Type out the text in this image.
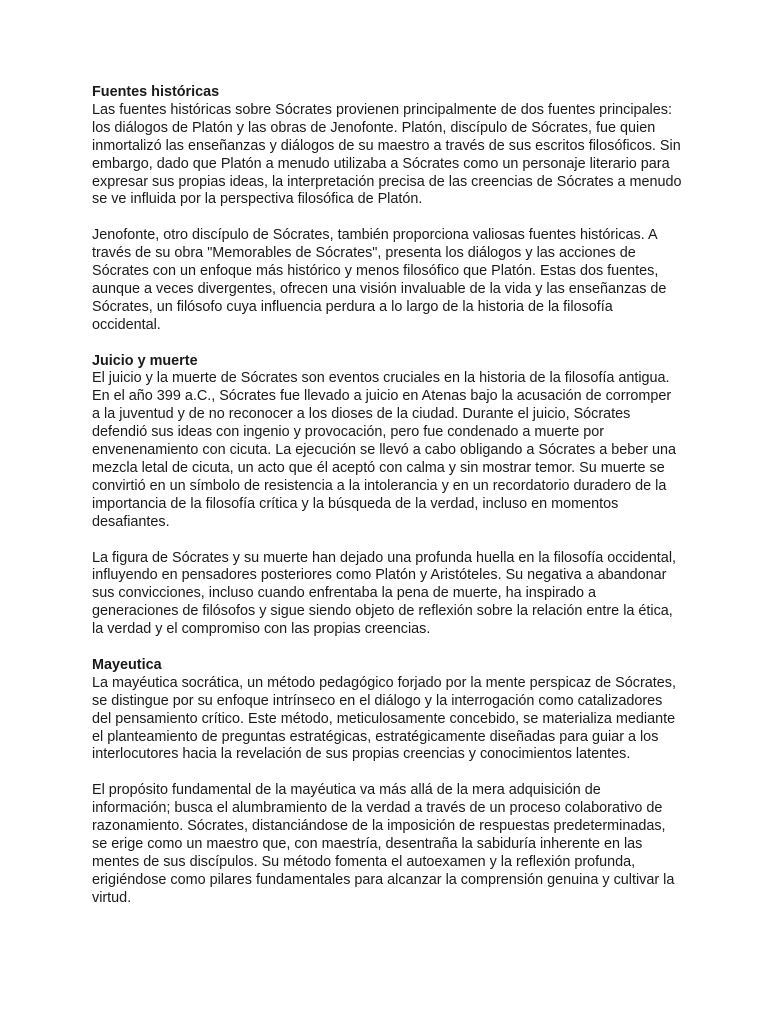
Fuentes históricas

Las fuentes históricas sobre Sócrates provienen principalmente de dos fuentes principales: los diálogos de Platón y las obras de Jenofonte. Platón, discípulo de Sócrates, fue quien inmortalizó las enseñanzas y diálogos de su maestro a través de sus escritos filosóficos. Sin embargo, dado que Platón a menudo utilizaba a Sócrates como un personaje literario para expresar sus propias ideas, la interpretación precisa de las creencias de Sócrates a menudo se ve influida por la perspectiva filosófica de Platón.

Jenofonte, otro discípulo de Sócrates, también proporciona valiosas fuentes históricas. A través de su obra "Memorables de Sócrates", presenta los diálogos y las acciones de Sócrates con un enfoque más histórico y menos filosófico que Platón. Estas dos fuentes, aunque a veces divergentes, ofrecen una visión invaluable de la vida y las enseñanzas de Sócrates, un filósofo cuya influencia perdura a lo largo de la historia de la filosofía occidental.

Juicio y muerte

El juicio y la muerte de Sócrates son eventos cruciales en la historia de la filosofía antigua. En el año 399 a.C., Sócrates fue llevado a juicio en Atenas bajo la acusación de corromper a la juventud y de no reconocer a los dioses de la ciudad. Durante el juicio, Sócrates defendió sus ideas con ingenio y provocación, pero fue condenado a muerte por envenenamiento con cicuta. La ejecución se llevó a cabo obligando a Sócrates a beber una mezcla letal de cicuta, un acto que él aceptó con calma y sin mostrar temor. Su muerte se convirtió en un símbolo de resistencia a la intolerancia y en un recordatorio duradero de la importancia de la filosofía crítica y la búsqueda de la verdad, incluso en momentos desafiantes.

La figura de Sócrates y su muerte han dejado una profunda huella en la filosofía occidental, influyendo en pensadores posteriores como Platón y Aristóteles. Su negativa a abandonar sus convicciones, incluso cuando enfrentaba la pena de muerte, ha inspirado a generaciones de filósofos y sigue siendo objeto de reflexión sobre la relación entre la ética, la verdad y el compromiso con las propias creencias.

Mayeutica

La mayéutica socrática, un método pedagógico forjado por la mente perspicaz de Sócrates, se distingue por su enfoque intrínseco en el diálogo y la interrogación como catalizadores del pensamiento crítico. Este método, meticulosamente concebido, se materializa mediante el planteamiento de preguntas estratégicas, estratégicamente diseñadas para guiar a los interlocutores hacia la revelación de sus propias creencias y conocimientos latentes.

El propósito fundamental de la mayéutica va más allá de la mera adquisición de información; busca el alumbramiento de la verdad a través de un proceso colaborativo de razonamiento. Sócrates, distanciándose de la imposición de respuestas predeterminadas, se erige como un maestro que, con maestría, desentraña la sabiduría inherente en las mentes de sus discípulos. Su método fomenta el autoexamen y la reflexión profunda, erigiéndose como pilares fundamentales para alcanzar la comprensión genuina y cultivar la virtud.
